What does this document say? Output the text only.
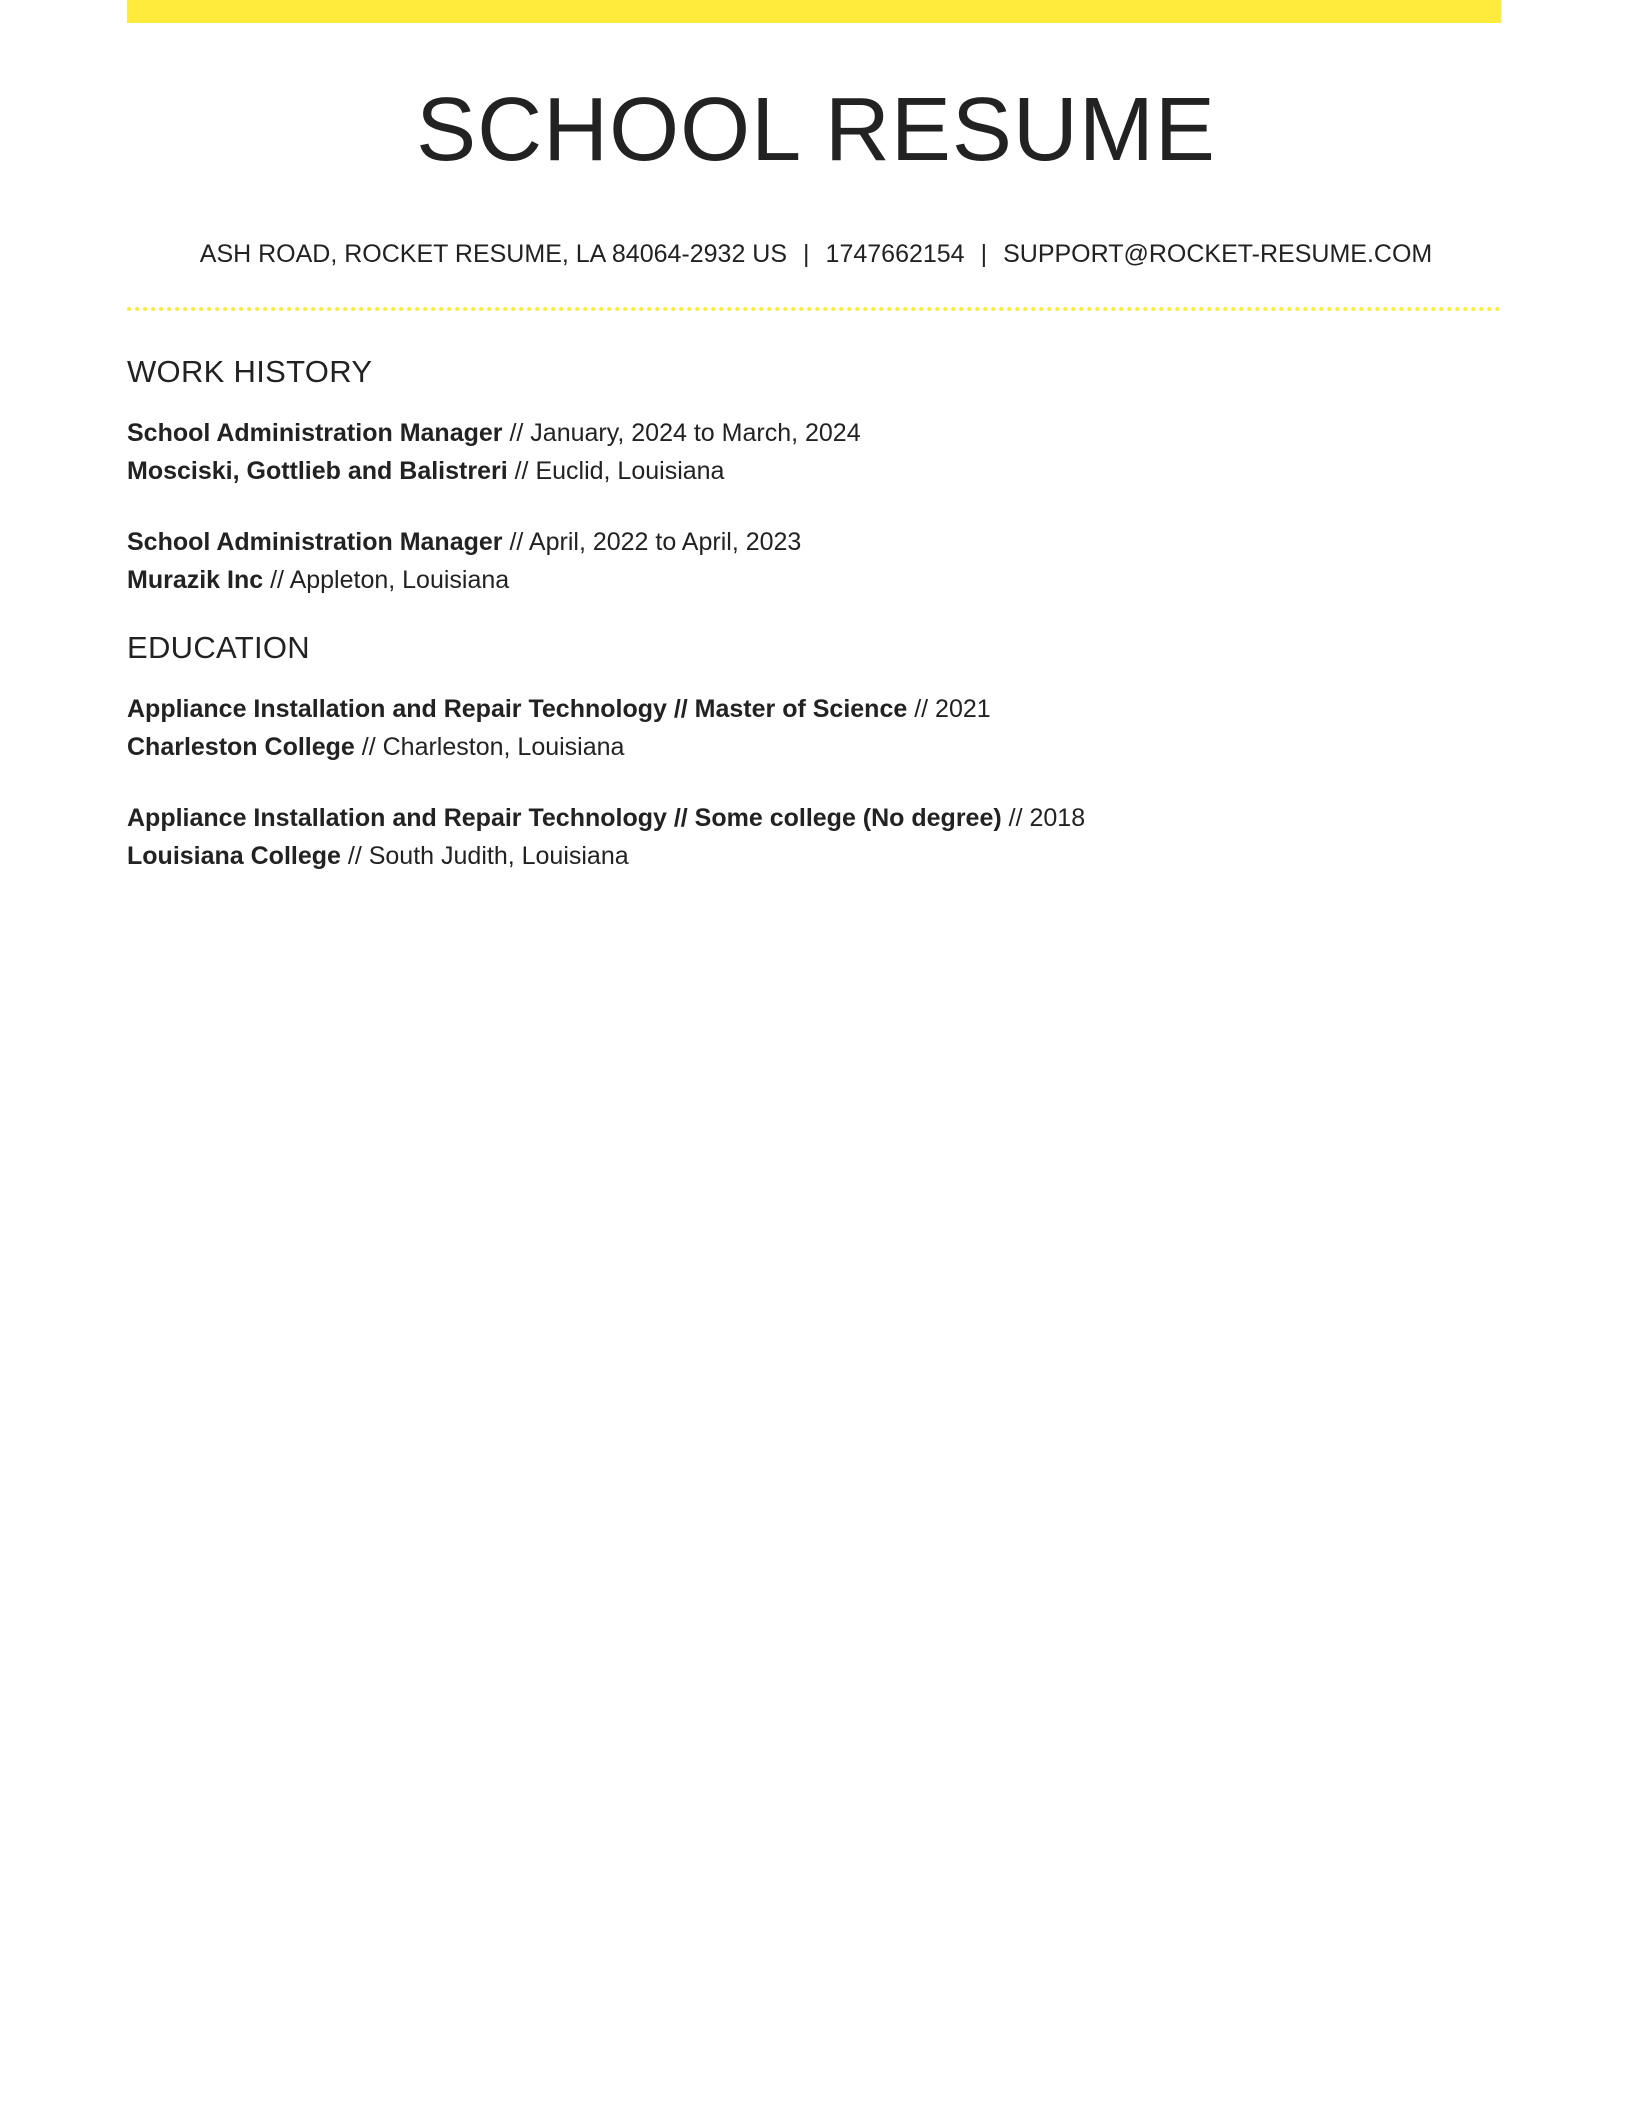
SCHOOL RESUME
ASH ROAD, ROCKET RESUME, LA 84064-2932 US | 1747662154 | SUPPORT@ROCKET-RESUME.COM
WORK HISTORY
School Administration Manager // January, 2024 to March, 2024
Mosciski, Gottlieb and Balistreri // Euclid, Louisiana
School Administration Manager // April, 2022 to April, 2023
Murazik Inc // Appleton, Louisiana
EDUCATION
Appliance Installation and Repair Technology // Master of Science // 2021
Charleston College // Charleston, Louisiana
Appliance Installation and Repair Technology // Some college (No degree) // 2018
Louisiana College // South Judith, Louisiana
